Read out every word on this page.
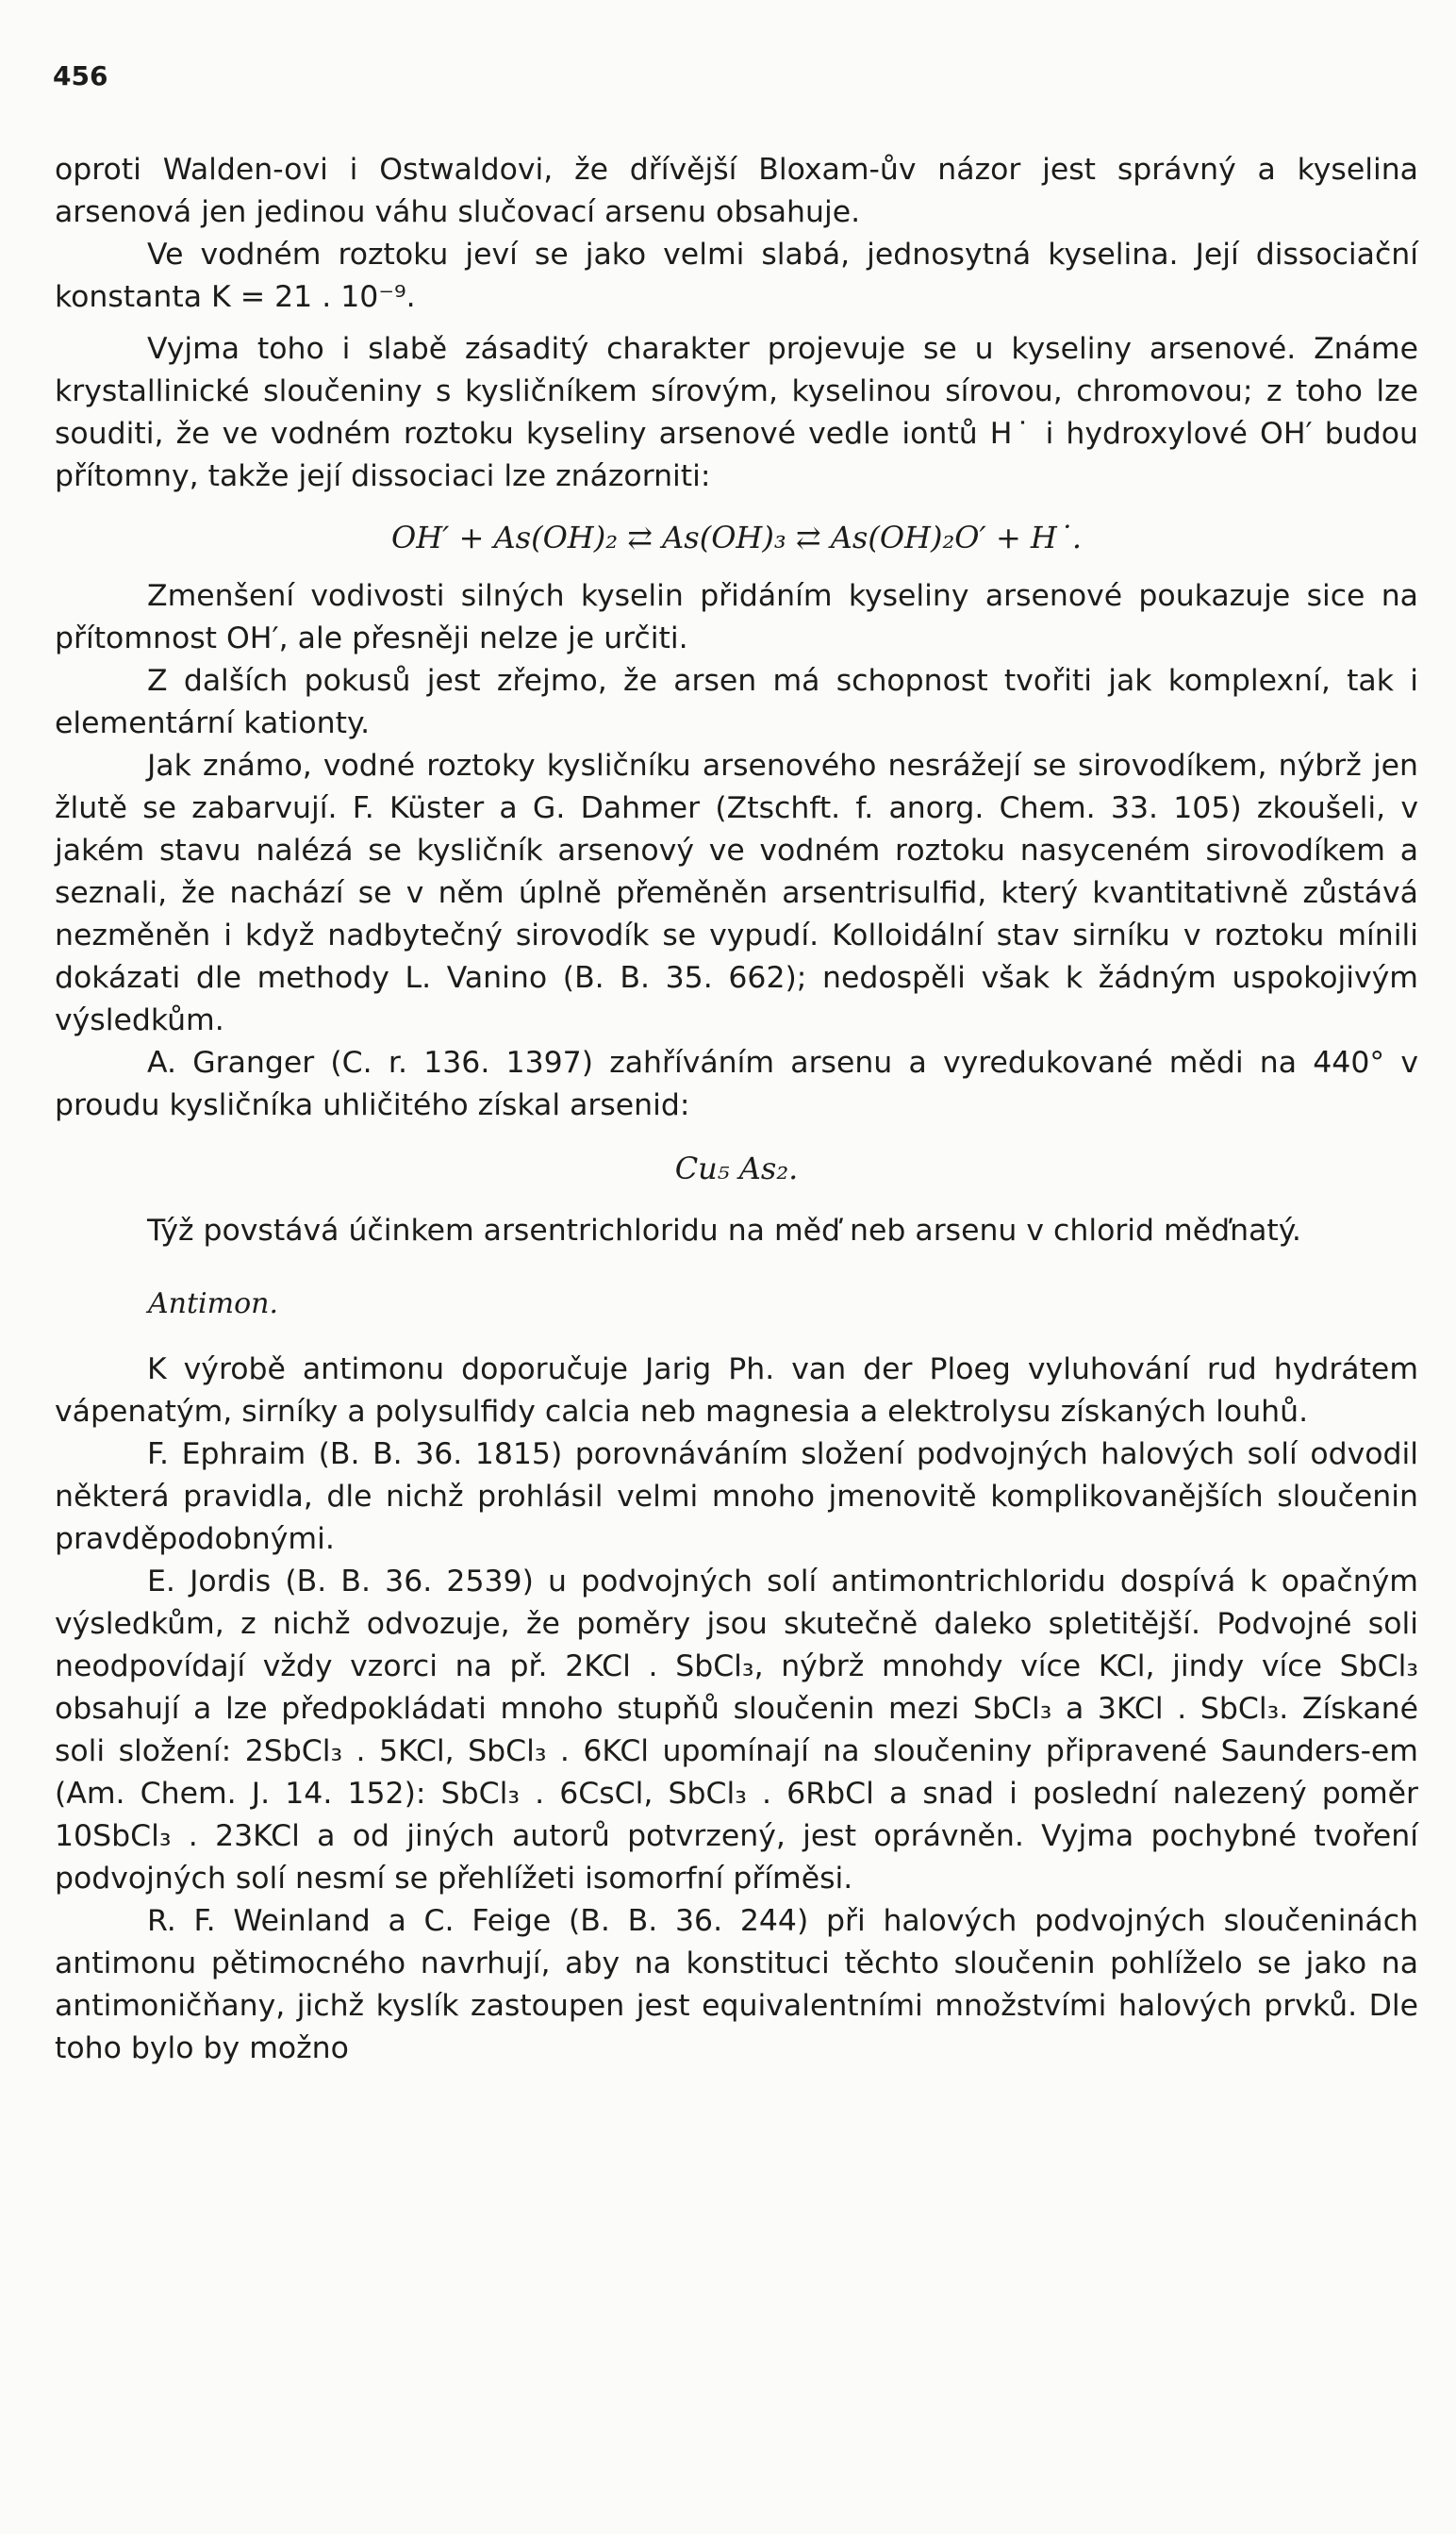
456

oproti Walden-ovi i Ostwaldovi, že dřívější Bloxam-ův názor jest správný a kyselina arsenová jen jedinou váhu slučovací arsenu obsahuje.

Ve vodném roztoku jeví se jako velmi slabá, jednosytná kyselina. Její dissociační konstanta K = 21 . 10⁻⁹.

Vyjma toho i slabě zásaditý charakter projevuje se u kyseliny arsenové. Známe krystallinické sloučeniny s kysličníkem sírovým, kyselinou sírovou, chromovou; z toho lze souditi, že ve vodném roztoku kyseliny arsenové vedle iontů H˙ i hydroxylové OH′ budou přítomny, takže její dissociaci lze znázorniti:

OH′ + As(OH)₂ ⇄ As(OH)₃ ⇄ As(OH)₂O′ + H˙.

Zmenšení vodivosti silných kyselin přidáním kyseliny arsenové poukazuje sice na přítomnost OH′, ale přesněji nelze je určiti.

Z dalších pokusů jest zřejmo, že arsen má schopnost tvořiti jak komplexní, tak i elementární kationty.

Jak známo, vodné roztoky kysličníku arsenového nesrážejí se sirovodíkem, nýbrž jen žlutě se zabarvují. F. Küster a G. Dahmer (Ztschft. f. anorg. Chem. 33. 105) zkoušeli, v jakém stavu nalézá se kysličník arsenový ve vodném roztoku nasyceném sirovodíkem a seznali, že nachází se v něm úplně přeměněn arsentrisulfid, který kvantitativně zůstává nezměněn i když nadbytečný sirovodík se vypudí. Kolloidální stav sirníku v roztoku mínili dokázati dle methody L. Vanino (B. B. 35. 662); nedospěli však k žádným uspokojivým výsledkům.

A. Granger (C. r. 136. 1397) zahříváním arsenu a vyredukované mědi na 440° v proudu kysličníka uhličitého získal arsenid:

Cu₅ As₂.

Týž povstává účinkem arsentrichloridu na měď neb arsenu v chlorid měďnatý.

Antimon.

K výrobě antimonu doporučuje Jarig Ph. van der Ploeg vyluhování rud hydrátem vápenatým, sirníky a polysulfidy calcia neb magnesia a elektrolysu získaných louhů.

F. Ephraim (B. B. 36. 1815) porovnáváním složení podvojných halových solí odvodil některá pravidla, dle nichž prohlásil velmi mnoho jmenovitě komplikovanějších sloučenin pravděpodobnými.

E. Jordis (B. B. 36. 2539) u podvojných solí antimontrichloridu dospívá k opačným výsledkům, z nichž odvozuje, že poměry jsou skutečně daleko spletitější. Podvojné soli neodpovídají vždy vzorci na př. 2KCl . SbCl₃, nýbrž mnohdy více KCl, jindy více SbCl₃ obsahují a lze předpokládati mnoho stupňů sloučenin mezi SbCl₃ a 3KCl . SbCl₃. Získané soli složení: 2SbCl₃ . 5KCl, SbCl₃ . 6KCl upomínají na sloučeniny připravené Saunders-em (Am. Chem. J. 14. 152): SbCl₃ . 6CsCl, SbCl₃ . 6RbCl a snad i poslední nalezený poměr 10SbCl₃ . 23KCl a od jiných autorů potvrzený, jest oprávněn. Vyjma pochybné tvoření podvojných solí nesmí se přehlížeti isomorfní příměsi.

R. F. Weinland a C. Feige (B. B. 36. 244) při halových podvojných sloučeninách antimonu pětimocného navrhují, aby na konstituci těchto sloučenin pohlíželo se jako na antimoničňany, jichž kyslík zastoupen jest equivalentními množstvími halových prvků. Dle toho bylo by možno
